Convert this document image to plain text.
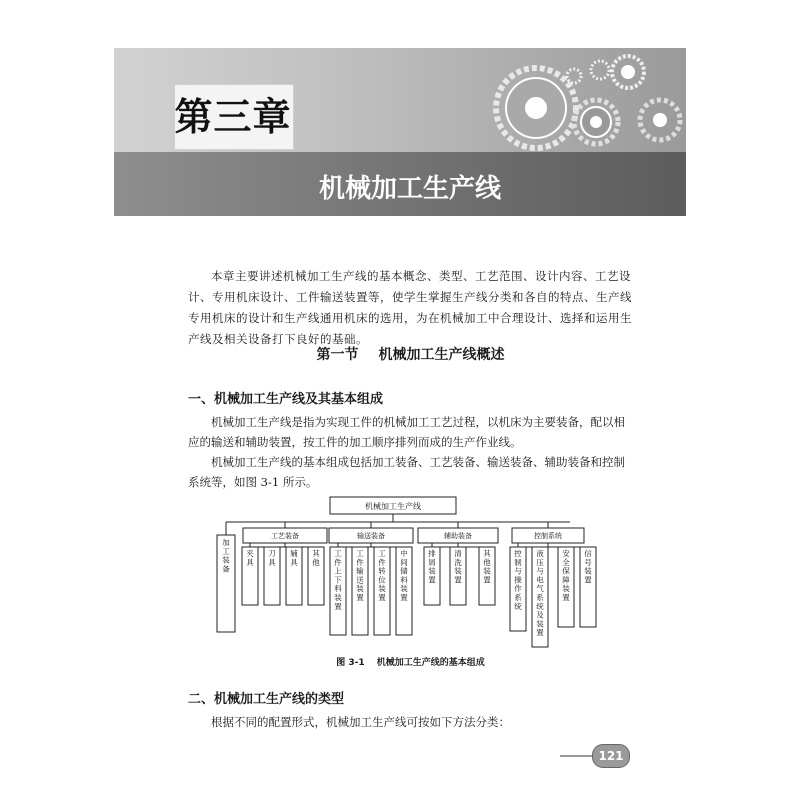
第三章
机械加工生产线
本章主要讲述机械加工生产线的基本概念、类型、工艺范围、设计内容、工艺设计、专用机床设计、工件输送装置等，使学生掌握生产线分类和各自的特点、生产线专用机床的设计和生产线通用机床的选用，为在机械加工中合理设计、选择和运用生产线及相关设备打下良好的基础。
第一节 机械加工生产线概述
一、机械加工生产线及其基本组成
机械加工生产线是指为实现工件的机械加工工艺过程，以机床为主要装备，配以相应的输送和辅助装置，按工件的加工顺序排列而成的生产作业线。
机械加工生产线的基本组成包括加工装备、工艺装备、输送装备、辅助装备和控制系统等，如图 3-1 所示。
机械加工生产线
工艺装备	输送装备	辅助装备	控制系统
加
工
装
备
夹
具
刀
具
辅
具
其
他
工
件
上
下
料
装
置
工
件
输
送
装
置
工
件
转
位
装
置
中
间
储
料
装
置
排
屑
装
置
清
洗
装
置
其
他
装
置
控
制
与
操
作
系
统
液
压
与
电
气
系
统
及
装
置
安
全
保
障
装
置
信
号
装
置
图 3-1 机械加工生产线的基本组成
二、机械加工生产线的类型
根据不同的配置形式，机械加工生产线可按如下方法分类：
121
